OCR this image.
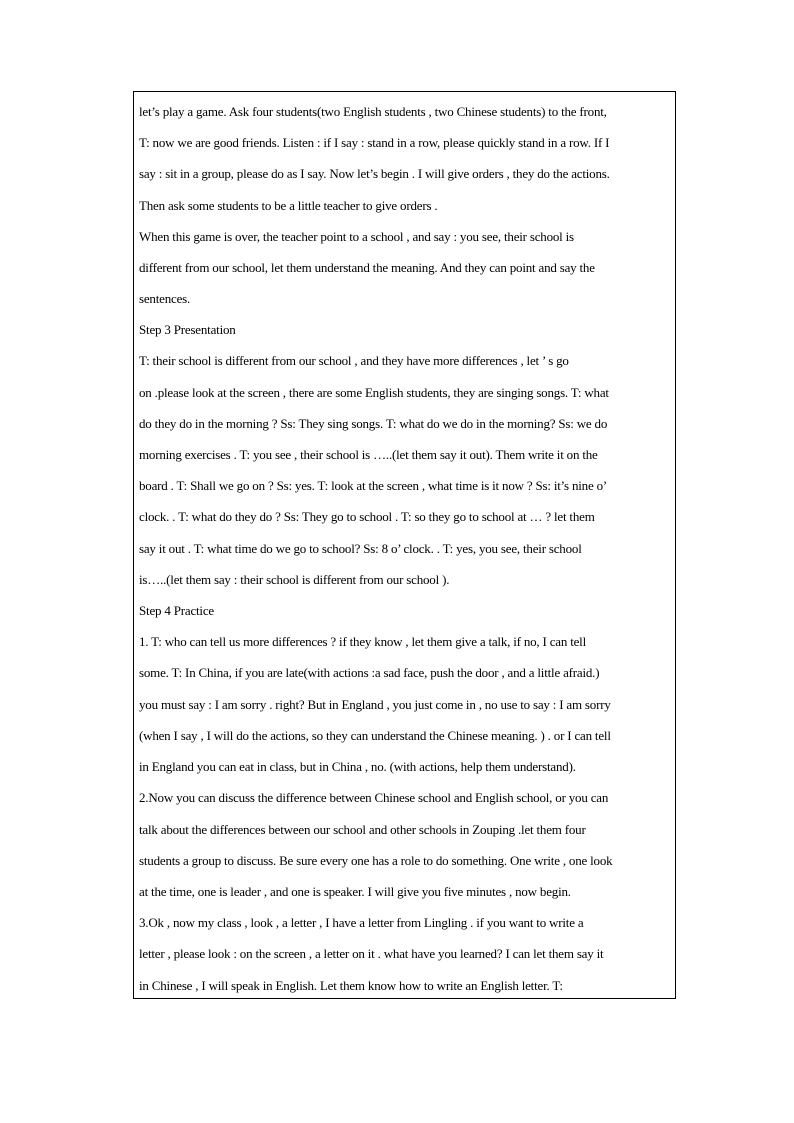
let’s play a game. Ask four students(two English students , two Chinese students) to the front,
T: now we are good friends. Listen : if I say : stand in a row, please quickly stand in a row. If I
say : sit in a group, please do as I say. Now let’s begin . I will give orders , they do the actions.
Then ask some students to be a little teacher to give orders .
When this game is over, the teacher point to a school , and say : you see, their school is
different from our school, let them understand the meaning. And they can point and say the
sentences.
Step 3 Presentation
T: their school is different from our school , and they have more differences , let ’ s go
on .please look at the screen , there are some English students, they are singing songs. T: what
do they do in the morning ? Ss: They sing songs. T: what do we do in the morning? Ss: we do
morning exercises . T: you see , their school is …..(let them say it out). Them write it on the
board . T: Shall we go on ? Ss: yes. T: look at the screen , what time is it now ? Ss: it’s nine o’
clock. . T: what do they do ? Ss: They go to school . T: so they go to school at … ? let them
say it out . T: what time do we go to school? Ss: 8 o’ clock. . T: yes, you see, their school
is…..(let them say : their school is different from our school ).
Step 4 Practice
1. T: who can tell us more differences ? if they know , let them give a talk, if no, I can tell
some. T: In China, if you are late(with actions :a sad face, push the door , and a little afraid.)
you must say : I am sorry . right? But in England , you just come in , no use to say : I am sorry
(when I say , I will do the actions, so they can understand the Chinese meaning. ) . or I can tell
in England you can eat in class, but in China , no. (with actions, help them understand).
2.Now you can discuss the difference between Chinese school and English school, or you can
talk about the differences between our school and other schools in Zouping .let them four
students a group to discuss. Be sure every one has a role to do something. One write , one look
at the time, one is leader , and one is speaker. I will give you five minutes , now begin.
3.Ok , now my class , look , a letter , I have a letter from Lingling . if you want to write a
letter , please look : on the screen , a letter on it . what have you learned? I can let them say it
in Chinese , I will speak in English. Let them know how to write an English letter. T:
